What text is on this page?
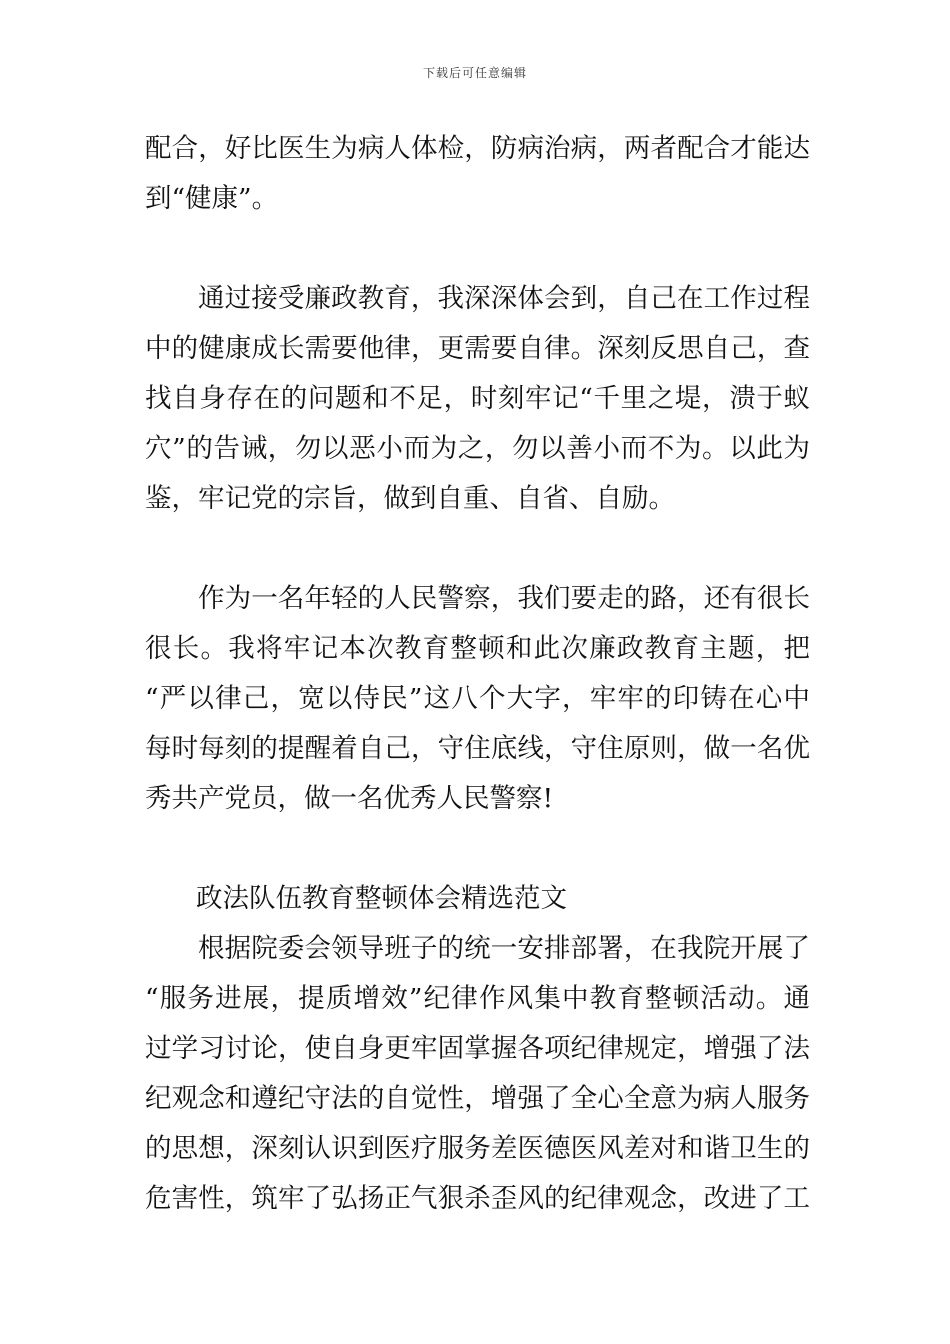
下载后可任意编辑
配合，好比医生为病人体检，防病治病，两者配合才能达
到“健康”。
通过接受廉政教育，我深深体会到，自己在工作过程
中的健康成长需要他律，更需要自律。深刻反思自己，查
找自身存在的问题和不足，时刻牢记“千里之堤，溃于蚁
穴”的告诫，勿以恶小而为之，勿以善小而不为。以此为
鉴，牢记党的宗旨，做到自重、自省、自励。
作为一名年轻的人民警察，我们要走的路，还有很长
很长。我将牢记本次教育整顿和此次廉政教育主题，把
“严以律己，宽以侍民”这八个大字，牢牢的印铸在心中
每时每刻的提醒着自己，守住底线，守住原则，做一名优
秀共产党员，做一名优秀人民警察!
政法队伍教育整顿体会精选范文
根据院委会领导班子的统一安排部署，在我院开展了
“服务进展，提质增效”纪律作风集中教育整顿活动。通
过学习讨论，使自身更牢固掌握各项纪律规定，增强了法
纪观念和遵纪守法的自觉性，增强了全心全意为病人服务
的思想，深刻认识到医疗服务差医德医风差对和谐卫生的
危害性，筑牢了弘扬正气狠杀歪风的纪律观念，改进了工
